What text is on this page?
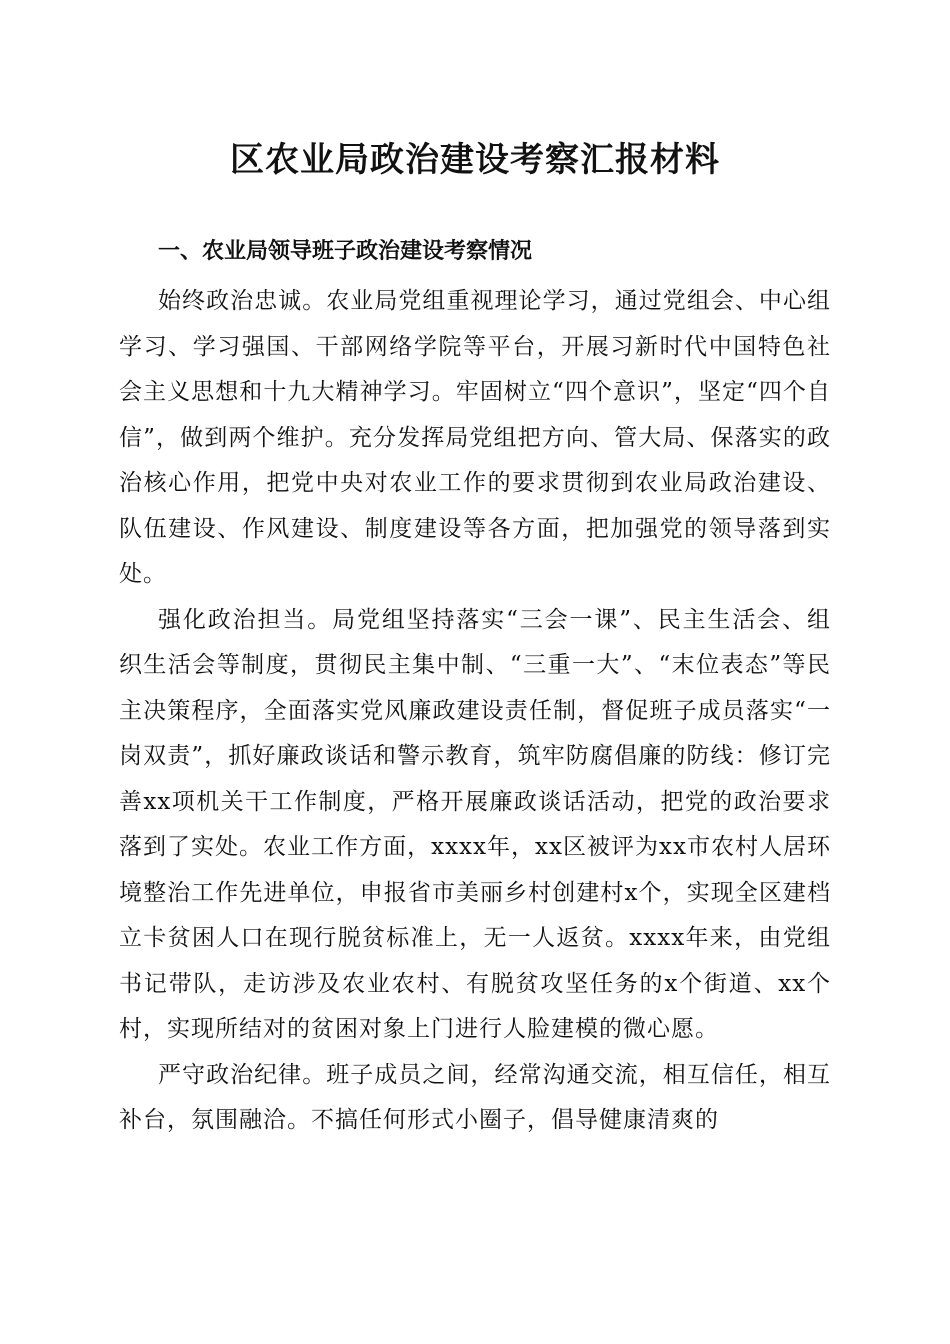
区农业局政治建设考察汇报材料
一、农业局领导班子政治建设考察情况

始终政治忠诚。农业局党组重视理论学习，通过党组会、中心组学习、学习强国、干部网络学院等平台，开展习新时代中国特色社会主义思想和十九大精神学习。牢固树立“四个意识”，坚定“四个自信”，做到两个维护。充分发挥局党组把方向、管大局、保落实的政治核心作用，把党中央对农业工作的要求贯彻到农业局政治建设、队伍建设、作风建设、制度建设等各方面，把加强党的领导落到实处。

强化政治担当。局党组坚持落实“三会一课”、民主生活会、组织生活会等制度，贯彻民主集中制、“三重一大”、“末位表态”等民主决策程序，全面落实党风廉政建设责任制，督促班子成员落实“一岗双责”，抓好廉政谈话和警示教育，筑牢防腐倡廉的防线：修订完善xx项机关干工作制度，严格开展廉政谈话活动，把党的政治要求落到了实处。农业工作方面，xxxx年，xx区被评为xx市农村人居环境整治工作先进单位，申报省市美丽乡村创建村x个，实现全区建档立卡贫困人口在现行脱贫标准上，无一人返贫。xxxx年来，由党组书记带队，走访涉及农业农村、有脱贫攻坚任务的x个街道、xx个村，实现所结对的贫困对象上门进行人脸建模的微心愿。

严守政治纪律。班子成员之间，经常沟通交流，相互信任，相互补台，氛围融洽。不搞任何形式小圈子，倡导健康清爽的
